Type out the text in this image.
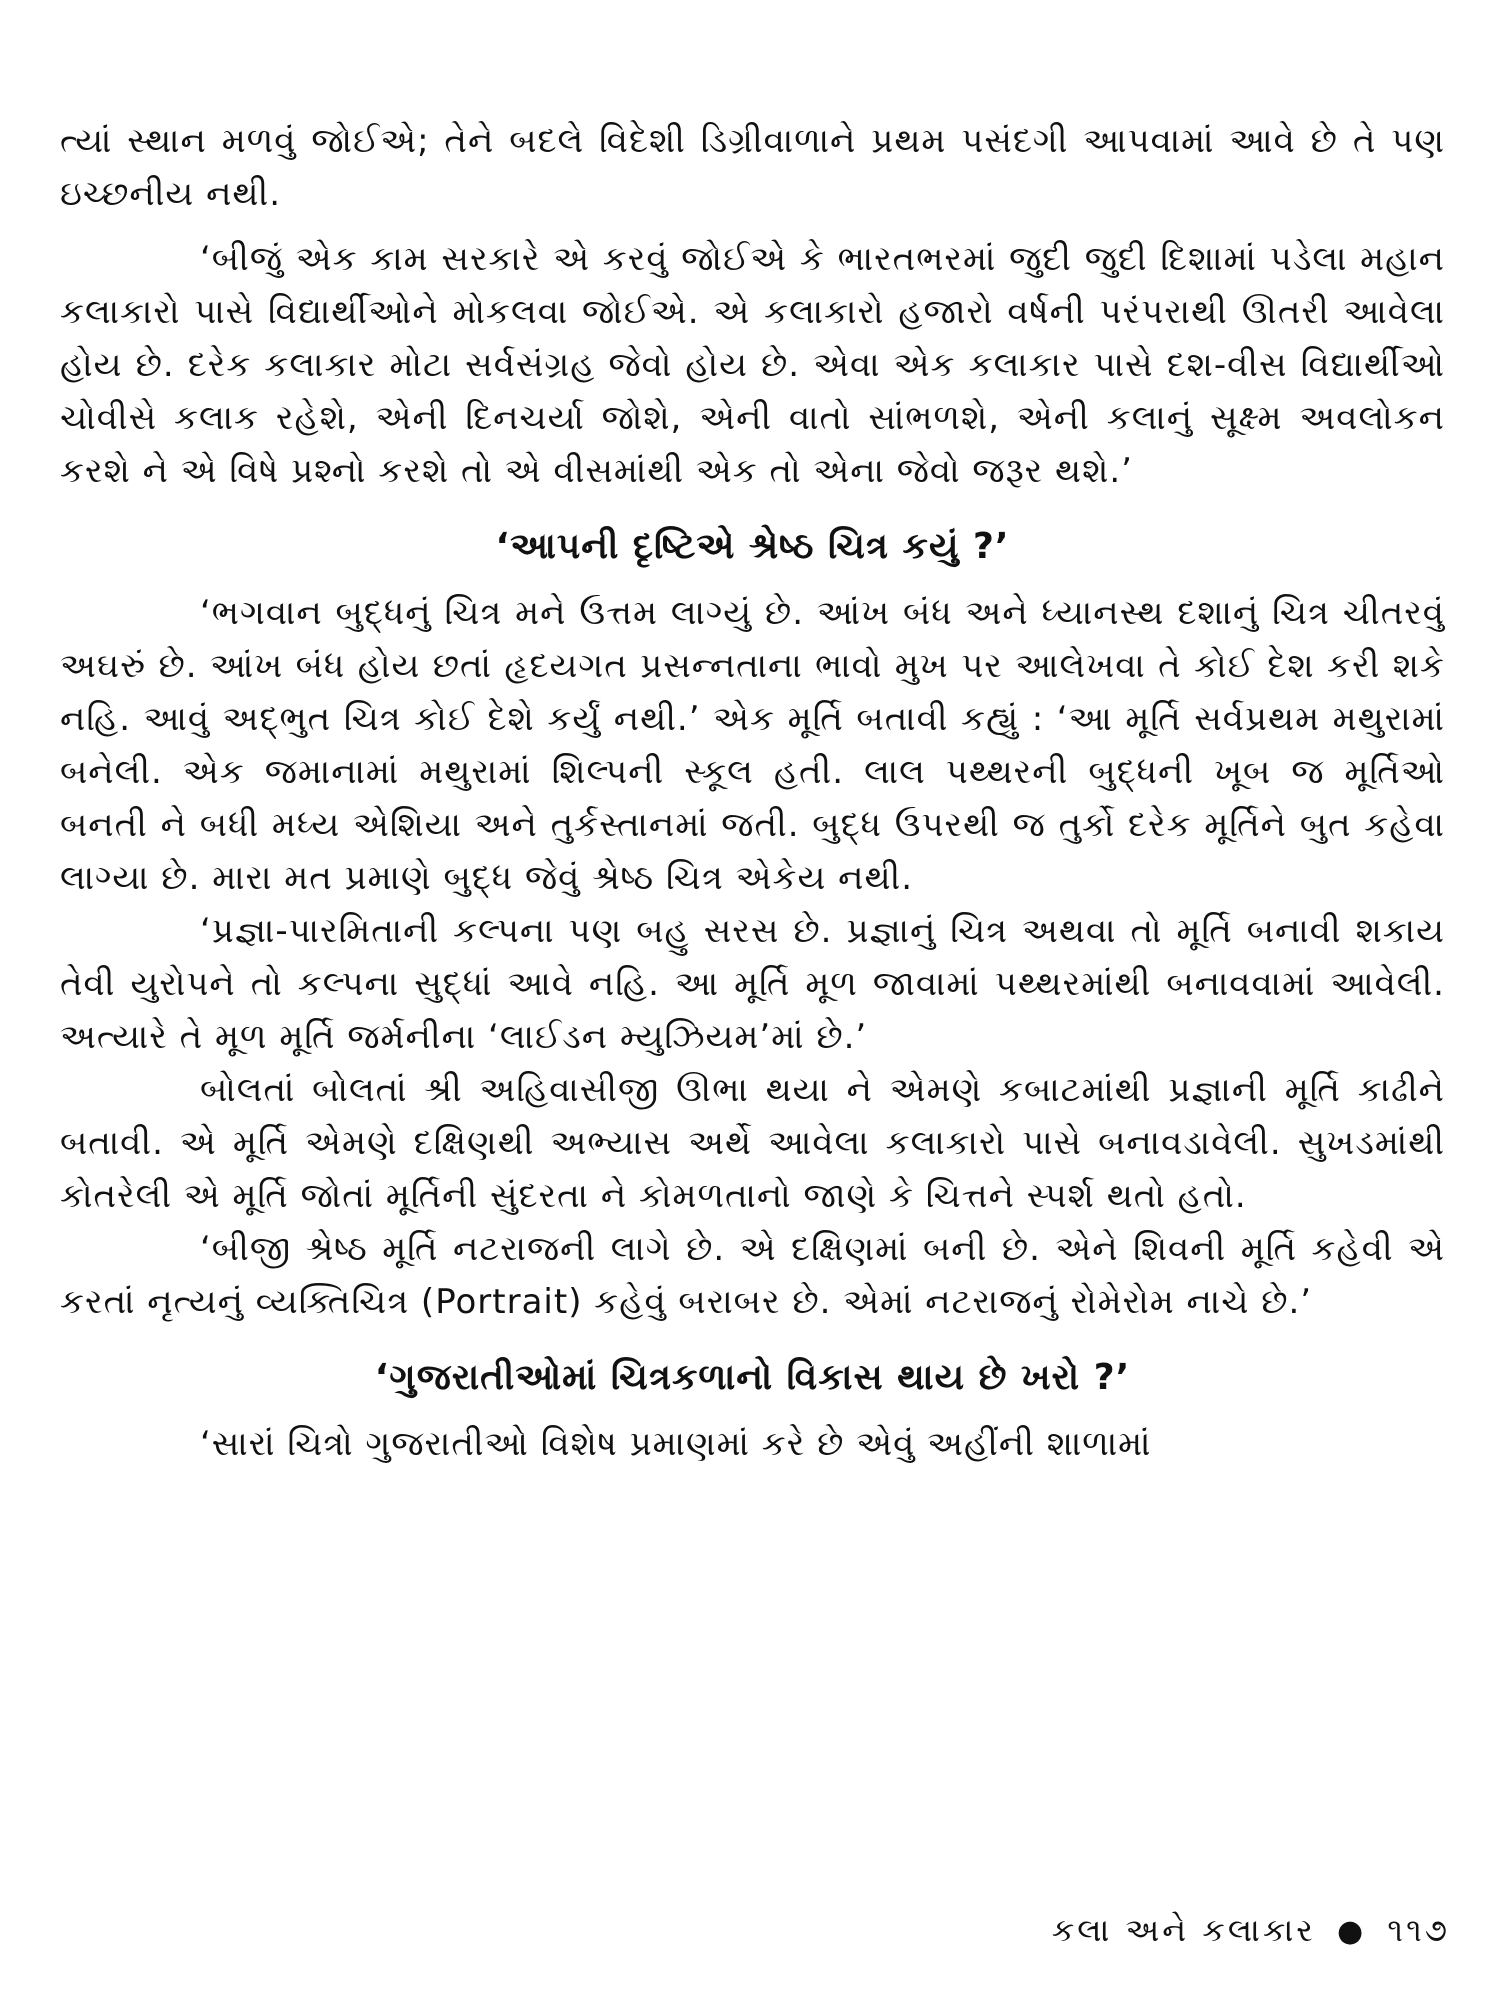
ત્યાં સ્થાન મળવું જોઈએ; તેને બદલે વિદેશી ડિગ્રીવાળાને પ્રથમ પસંદગી આપવામાં આવે છે તે પણ ઇચ્છનીય નથી.

‘બીજું એક કામ સરકારે એ કરવું જોઈએ કે ભારતભરમાં જુદી જુદી દિશામાં પડેલા મહાન કલાકારો પાસે વિદ્યાર્થીઓને મોકલવા જોઈએ. એ કલાકારો હજારો વર્ષની પરંપરાથી ઊતરી આવેલા હોય છે. દરેક કલાકાર મોટા સર્વસંગ્રહ જેવો હોય છે. એવા એક કલાકાર પાસે દશ-વીસ વિદ્યાર્થીઓ ચોવીસે કલાક રહેશે, એની દિનચર્યા જોશે, એની વાતો સાંભળશે, એની કલાનું સૂક્ષ્મ અવલોકન કરશે ને એ વિષે પ્રશ્નો કરશે તો એ વીસમાંથી એક તો એના જેવો જરૂર થશે.’

‘આપની દૃષ્ટિએ શ્રેષ્ઠ ચિત્ર કયું ?’

‘ભગવાન બુદ્ધનું ચિત્ર મને ઉત્તમ લાગ્યું છે. આંખ બંધ અને ધ્યાનસ્થ દશાનું ચિત્ર ચીતરવું અઘરું છે. આંખ બંધ હોય છતાં હૃદયગત પ્રસન્નતાના ભાવો મુખ પર આલેખવા તે કોઈ દેશ કરી શકે નહિ. આવું અદ્ભુત ચિત્ર કોઈ દેશે કર્યું નથી.’ એક મૂર્તિ બતાવી કહ્યું : ‘આ મૂર્તિ સર્વપ્રથમ મથુરામાં બનેલી. એક જમાનામાં મથુરામાં શિલ્પની સ્કૂલ હતી. લાલ પથ્થરની બુદ્ધની ખૂબ જ મૂર્તિઓ બનતી ને બધી મધ્ય એશિયા અને તુર્કસ્તાનમાં જતી. બુદ્ધ ઉપરથી જ તુર્કો દરેક મૂર્તિને બુત કહેવા લાગ્યા છે. મારા મત પ્રમાણે બુદ્ધ જેવું શ્રેષ્ઠ ચિત્ર એકેય નથી.

‘પ્રજ્ઞા-પારમિતાની કલ્પના પણ બહુ સરસ છે. પ્રજ્ઞાનું ચિત્ર અથવા તો મૂર્તિ બનાવી શકાય તેવી યુરોપને તો કલ્પના સુદ્ધાં આવે નહિ. આ મૂર્તિ મૂળ જાવામાં પથ્થરમાંથી બનાવવામાં આવેલી. અત્યારે તે મૂળ મૂર્તિ જર્મનીના ‘લાઈડન મ્યુઝિયમ’માં છે.’

બોલતાં બોલતાં શ્રી અહિવાસીજી ઊભા થયા ને એમણે કબાટમાંથી પ્રજ્ઞાની મૂર્તિ કાઢીને બતાવી. એ મૂર્તિ એમણે દક્ષિણથી અભ્યાસ અર્થે આવેલા કલાકારો પાસે બનાવડાવેલી. સુખડમાંથી કોતરેલી એ મૂર્તિ જોતાં મૂર્તિની સુંદરતા ને કોમળતાનો જાણે કે ચિત્તને સ્પર્શ થતો હતો.

‘બીજી શ્રેષ્ઠ મૂર્તિ નટરાજની લાગે છે. એ દક્ષિણમાં બની છે. એને શિવની મૂર્તિ કહેવી એ કરતાં નૃત્યનું વ્યક્તિચિત્ર (Portrait) કહેવું બરાબર છે. એમાં નટરાજનું રોમેરોમ નાચે છે.’

‘ગુજરાતીઓમાં ચિત્રકળાનો વિકાસ થાય છે ખરો ?’

‘સારાં ચિત્રો ગુજરાતીઓ વિશેષ પ્રમાણમાં કરે છે એવું અહીંની શાળામાં

કલા અને કલાકાર ● ૧૧૭
